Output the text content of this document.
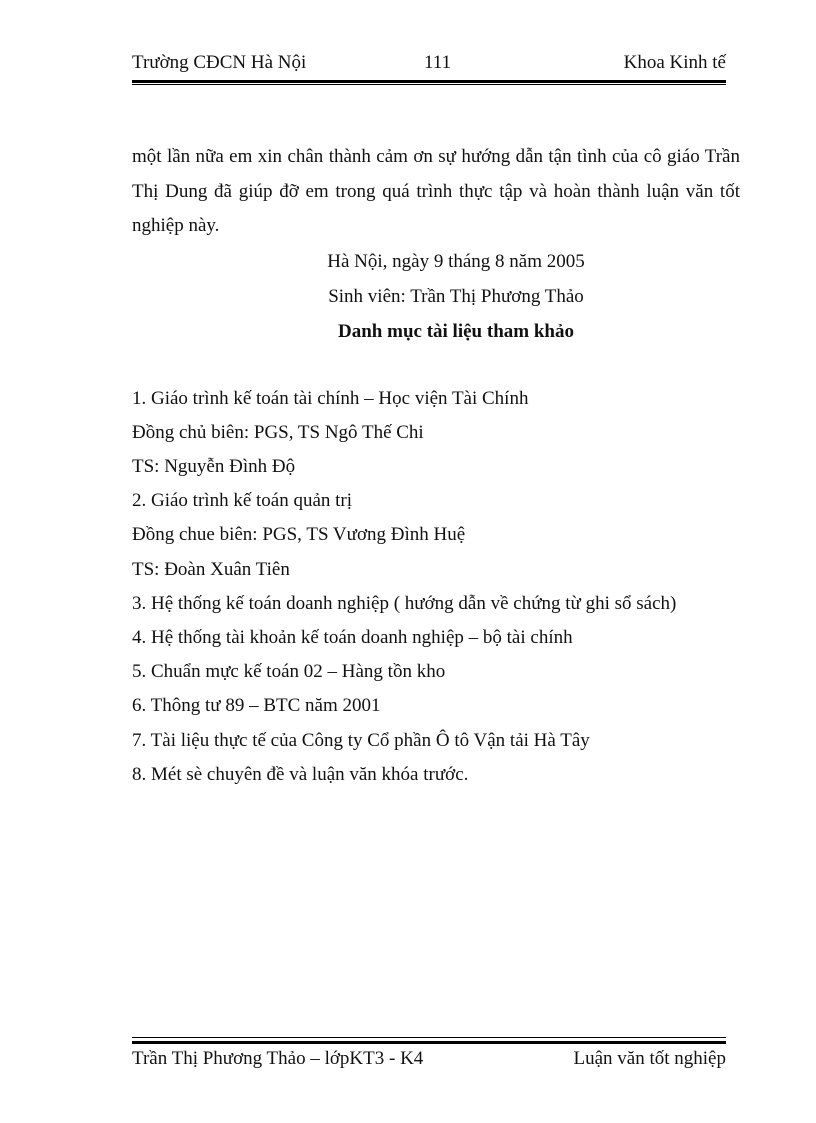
Trường CĐCN Hà Nội	111	Khoa Kinh tế

một lần nữa em xin chân thành cảm ơn sự hướng dẫn tận tình của cô giáo Trần Thị Dung đã giúp đỡ em trong quá trình thực tập và hoàn thành luận văn tốt nghiệp này.

Hà Nội, ngày 9 tháng 8 năm 2005

Sinh viên: Trần Thị Phương Thảo

Danh mục tài liệu tham khảo

1. Giáo trình kế toán tài chính – Học viện Tài Chính
Đồng chủ biên: PGS, TS Ngô Thế Chi
TS: Nguyễn Đình Độ
2. Giáo trình kế toán quản trị
Đồng chue biên: PGS, TS Vương Đình Huệ
TS: Đoàn Xuân Tiên
3. Hệ thống kế toán doanh nghiệp ( hướng dẫn về chứng từ ghi sổ sách)
4. Hệ thống tài khoản kế toán doanh nghiệp – bộ tài chính
5. Chuẩn mực kế toán 02 – Hàng tồn kho
6. Thông tư 89 – BTC năm 2001
7. Tài liệu thực tế của Công ty Cổ phần Ô tô Vận tải Hà Tây
8. Mét sè chuyên đề và luận văn khóa trước.
Trần Thị Phương Thảo – lớpKT3 - K4	Luận văn tốt nghiệp
